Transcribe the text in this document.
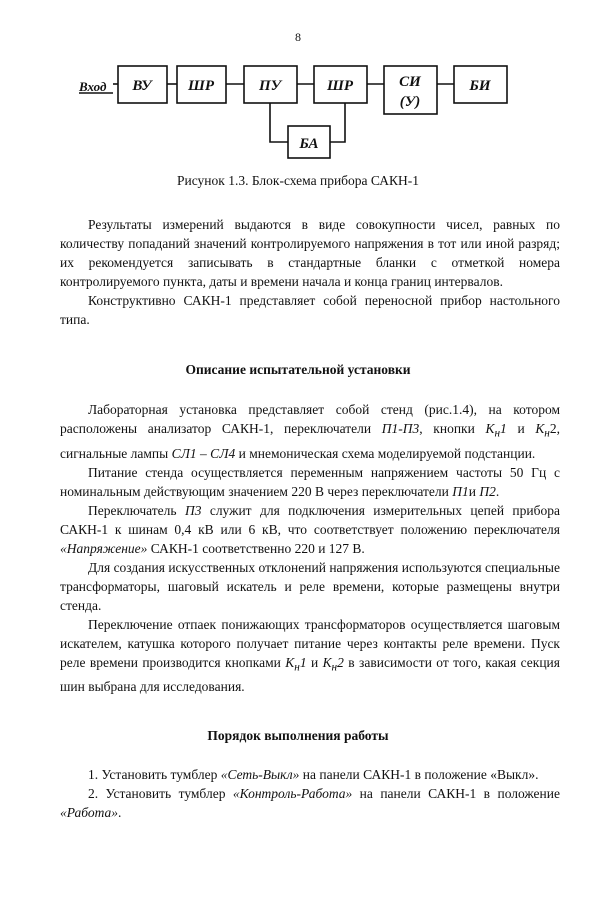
8
Вход ВУ ШР	ПУ	ШР	СИ
(У)
БИ
БА
Рисунок 1.3. Блок-схема прибора САКН-1

Результаты измерений выдаются в виде совокупности чисел, равных по количеству попаданий значений контролируемого напряжения в тот или иной разряд; их рекомендуется записывать в стандартные бланки с отметкой номера контролируемого пункта, даты и времени начала и конца границ интервалов.

Конструктивно САКН-1 представляет собой переносной прибор настольного типа.

Описание испытательной установки

Лабораторная установка представляет собой стенд (рис.1.4), на котором расположены анализатор САКН-1, переключатели П1-П3, кнопки $К_н1$ и $К_н2$, сигнальные лампы СЛ1 – СЛ4 и мнемоническая схема моделируемой подстанции.

Питание стенда осуществляется переменным напряжением частоты 50 Гц с номинальным действующим значением 220 В через переключатели П1и П2.

Переключатель П3 служит для подключения измерительных цепей прибора САКН-1 к шинам 0,4 кВ или 6 кВ, что соответствует положению переключателя «Напряжение» САКН-1 соответственно 220 и 127 В.

Для создания искусственных отклонений напряжения используются специальные трансформаторы, шаговый искатель и реле времени, которые размещены внутри стенда.

Переключение отпаек понижающих трансформаторов осуществляется шаговым искателем, катушка которого получает питание через контакты реле времени. Пуск реле времени производится кнопками $К_н1$ и $К_н2$ в зависимости от того, какая секция шин выбрана для исследования.

Порядок выполнения работы

1. Установить тумблер «Сеть-Выкл» на панели САКН-1 в положение «Выкл».

2. Установить тумблер «Контроль-Работа» на панели САКН-1 в положение «Работа».
